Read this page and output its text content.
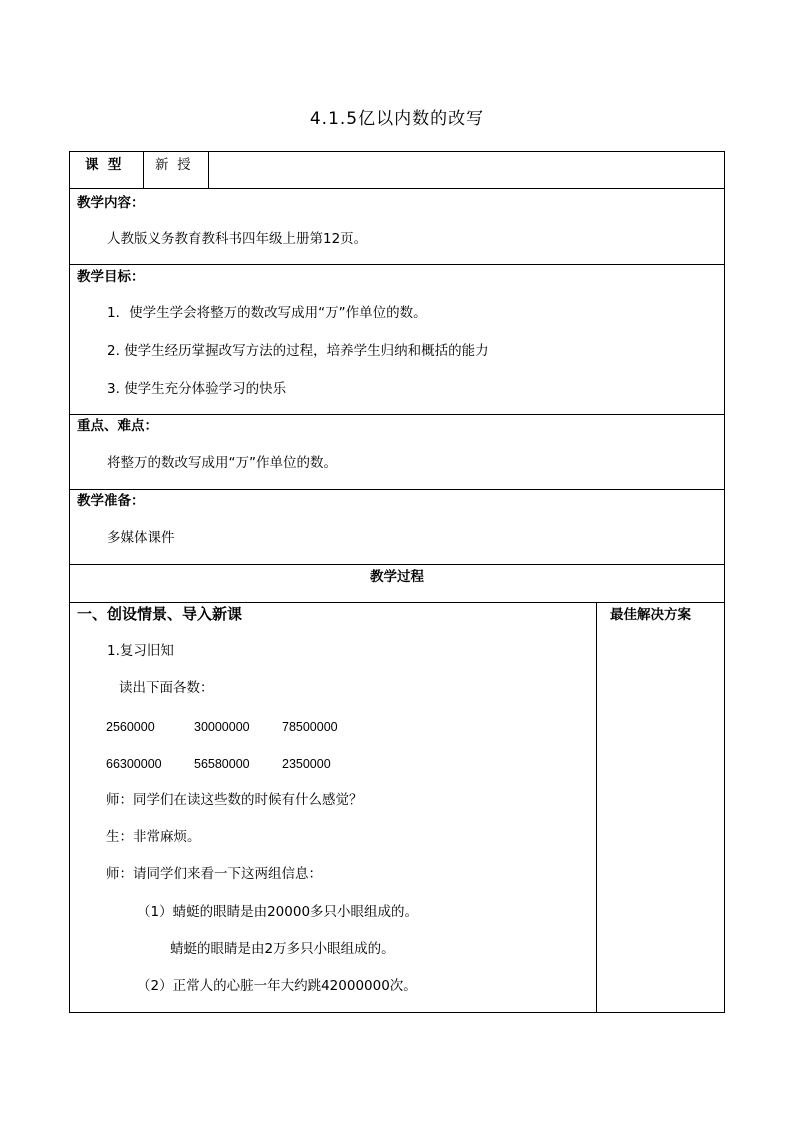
4.1.5亿以内数的改写
课  型 新  授
教学内容：
人教版义务教育教科书四年级上册第12页。
教学目标：
1．使学生学会将整万的数改写成用“万”作单位的数。
2. 使学生经历掌握改写方法的过程，培养学生归纳和概括的能力
3. 使学生充分体验学习的快乐
重点、难点：
将整万的数改写成用“万”作单位的数。
教学准备：
多媒体课件
教学过程
一、创设情景、导入新课	最佳解决方案
1.复习旧知
读出下面各数：
2560000	30000000	78500000
66300000	56580000	2350000
师：同学们在读这些数的时候有什么感觉？
生：非常麻烦。
师：请同学们来看一下这两组信息：
（1）蜻蜓的眼睛是由20000多只小眼组成的。
蜻蜓的眼睛是由2万多只小眼组成的。
（2）正常人的心脏一年大约跳42000000次。
